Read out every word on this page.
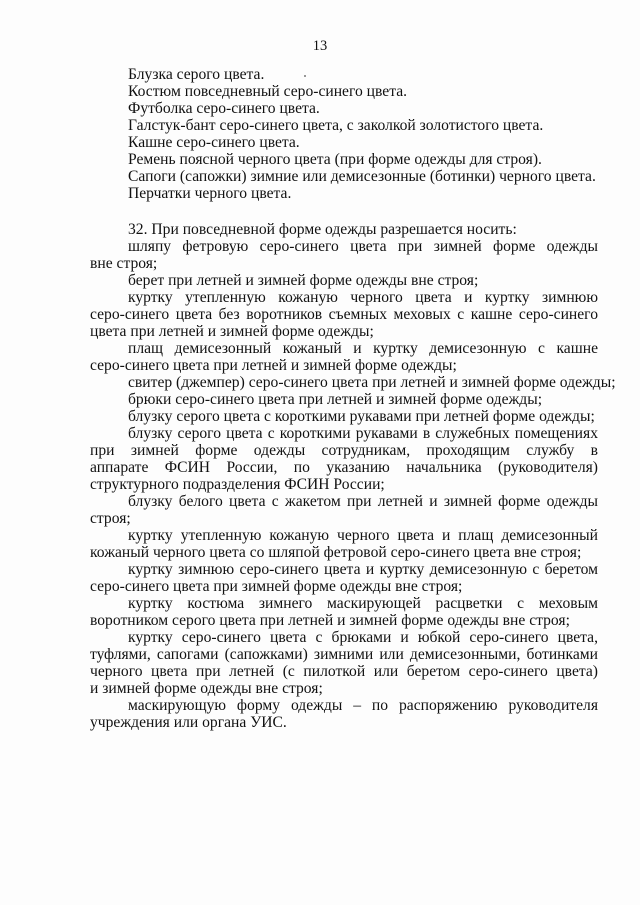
13
Блузка серого цвета.
Костюм повседневный серо-синего цвета.
Футболка серо-синего цвета.
Галстук-бант серо-синего цвета, с заколкой золотистого цвета.
Кашне серо-синего цвета.
Ремень поясной черного цвета (при форме одежды для строя).
Сапоги (сапожки) зимние или демисезонные (ботинки) черного цвета.
Перчатки черного цвета.
32. При повседневной форме одежды разрешается носить:
шляпу фетровую серо-синего цвета при зимней форме одежды
вне строя;
берет при летней и зимней форме одежды вне строя;
куртку утепленную кожаную черного цвета и куртку зимнюю
серо-синего цвета без воротников съемных меховых с кашне серо-синего
цвета при летней и зимней форме одежды;
плащ демисезонный кожаный и куртку демисезонную с кашне
серо-синего цвета при летней и зимней форме одежды;
свитер (джемпер) серо-синего цвета при летней и зимней форме одежды;
брюки серо-синего цвета при летней и зимней форме одежды;
блузку серого цвета с короткими рукавами при летней форме одежды;
блузку серого цвета с короткими рукавами в служебных помещениях
при зимней форме одежды сотрудникам, проходящим службу в
аппарате ФСИН России, по указанию начальника (руководителя)
структурного подразделения ФСИН России;
блузку белого цвета с жакетом при летней и зимней форме одежды
строя;
куртку утепленную кожаную черного цвета и плащ демисезонный
кожаный черного цвета со шляпой фетровой серо-синего цвета вне строя;
куртку зимнюю серо-синего цвета и куртку демисезонную с беретом
серо-синего цвета при зимней форме одежды вне строя;
куртку костюма зимнего маскирующей расцветки с меховым
воротником серого цвета при летней и зимней форме одежды вне строя;
куртку серо-синего цвета с брюками и юбкой серо-синего цвета,
туфлями, сапогами (сапожками) зимними или демисезонными, ботинками
черного цвета при летней (с пилоткой или беретом серо-синего цвета)
и зимней форме одежды вне строя;
маскирующую форму одежды – по распоряжению руководителя
учреждения или органа УИС.
